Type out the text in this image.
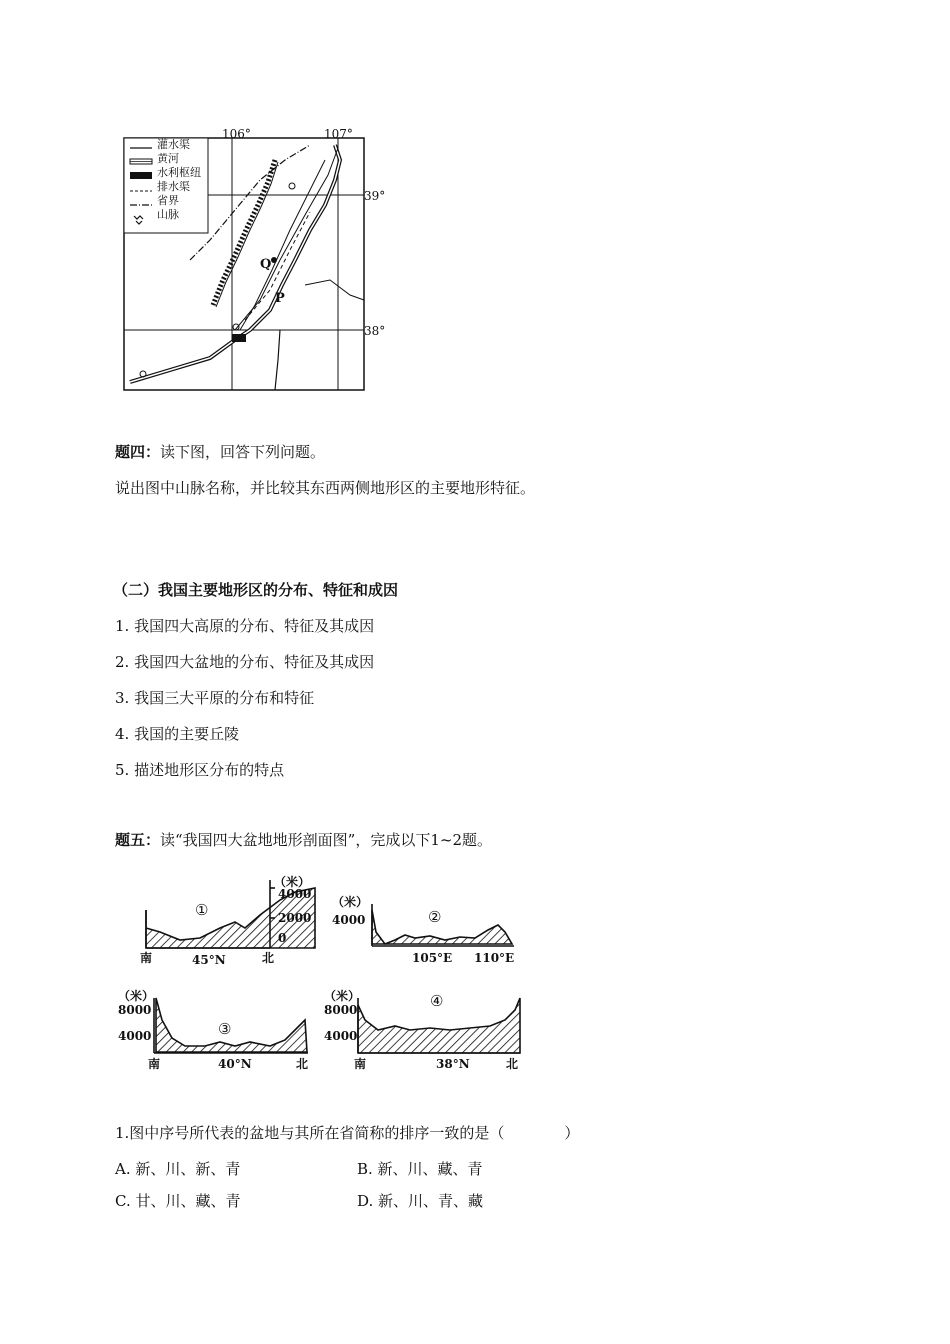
106°	107°
39°
38°
灌水渠
黄河
水利枢纽
排水渠
省界
山脉
Q
P
题四：读下图，回答下列问题。
说出图中山脉名称，并比较其东西两侧地形区的主要地形特征。
（二）我国主要地形区的分布、特征和成因
1. 我国四大高原的分布、特征及其成因
2. 我国四大盆地的分布、特征及其成因
3. 我国三大平原的分布和特征
4. 我国的主要丘陵
5. 描述地形区分布的特点
题五：读“我国四大盆地地形剖面图”，完成以下1~2题。
（米）
4000
2000
0
①
南	45°N	北
（米）
4000	②
105°E 110°E
（米）
8000
4000	③
南	40°N	北
（米）
8000
4000
④
南	38°N	北
1.图中序号所代表的盆地与其所在省简称的排序一致的是（　　　　）
A. 新、川、新、青	B. 新、川、藏、青
C. 甘、川、藏、青	D. 新、川、青、藏
